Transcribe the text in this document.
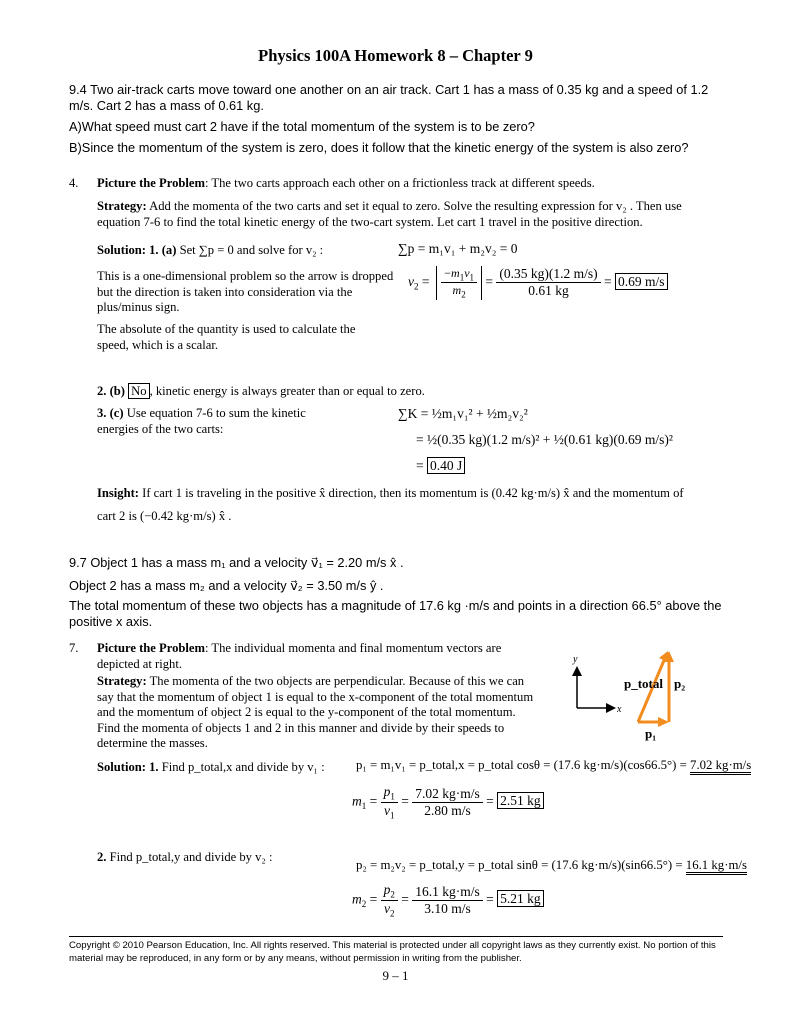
Physics 100A Homework 8 – Chapter 9
9.4 Two air-track carts move toward one another on an air track. Cart 1 has a mass of 0.35 kg and a speed of 1.2 m/s. Cart 2 has a mass of 0.61 kg.
A)What speed must cart 2 have if the total momentum of the system is to be zero?
B)Since the momentum of the system is zero, does it follow that the kinetic energy of the system is also zero?
4. Picture the Problem: The two carts approach each other on a frictionless track at different speeds.
Strategy: Add the momenta of the two carts and set it equal to zero. Solve the resulting expression for v₂ . Then use equation 7-6 to find the total kinetic energy of the two-cart system. Let cart 1 travel in the positive direction.
Solution: 1. (a) Set ∑p = 0 and solve for v₂ :	∑p = m₁v₁ + m₂v₂ = 0
This is a one-dimensional problem so the arrow is dropped but the direction is taken into consideration via the plus/minus sign.
$v_2 = \frac{-m_1v_1}{m_2} = \frac{(0.35 kg)(1.2 m/s)}{0.61 kg} = 0.69$ m/s
The absolute of the quantity is used to calculate the speed, which is a scalar.
2. (b) No , kinetic energy is always greater than or equal to zero.
3. (c) Use equation 7-6 to sum the kinetic energies of the two carts:
∑K = ½m₁v₁² + ½m₂v₂²
= ½(0.35 kg)(1.2 m/s)² + ½(0.61 kg)(0.69 m/s)²
= 0.40 J
Insight: If cart 1 is traveling in the positive x̂ direction, then its momentum is (0.42 kg·m/s) x̂ and the momentum of
cart 2 is (−0.42 kg·m/s) x̂ .
9.7 Object 1 has a mass m₁ and a velocity v⃗₁ = 2.20 m/s x̂ .
Object 2 has a mass m₂ and a velocity v⃗₂ = 3.50 m/s ŷ .
The total momentum of these two objects has a magnitude of 17.6 kg ·m/s and points in a direction 66.5° above the positive x axis.
7. Picture the Problem: The individual momenta and final momentum vectors are depicted at right.
Strategy: The momenta of the two objects are perpendicular. Because of this we can say that the momentum of object 1 is equal to the x-component of the total momentum and the momentum of object 2 is equal to the y-component of the total momentum. Find the momenta of objects 1 and 2 in this manner and divide by their speeds to determine the masses.
y
x
p_total p₂
p₁
Solution: 1. Find p_total,x and divide by v₁ : p₁ = m₁v₁ = p_total,x = p_total cosθ = (17.6 kg·m/s)(cos66.5°) = 7.02 kg·m/s
$m_1 = \frac{p_1}{v_1} = \frac{7.02 kg\cdot m/s}{2.80 m/s} = 2.51$ kg
2. Find p_total,y and divide by v₂ :
p₂ = m₂v₂ = p_total,y = p_total sinθ = (17.6 kg·m/s)(sin66.5°) = 16.1 kg·m/s
$m_2 = \frac{p_2}{v_2} = \frac{16.1 kg\cdot m/s}{3.10 m/s} = 5.21$ kg
Copyright © 2010 Pearson Education, Inc. All rights reserved. This material is protected under all copyright laws as they currently exist. No portion of this material may be reproduced, in any form or by any means, without permission in writing from the publisher.
9 – 1
